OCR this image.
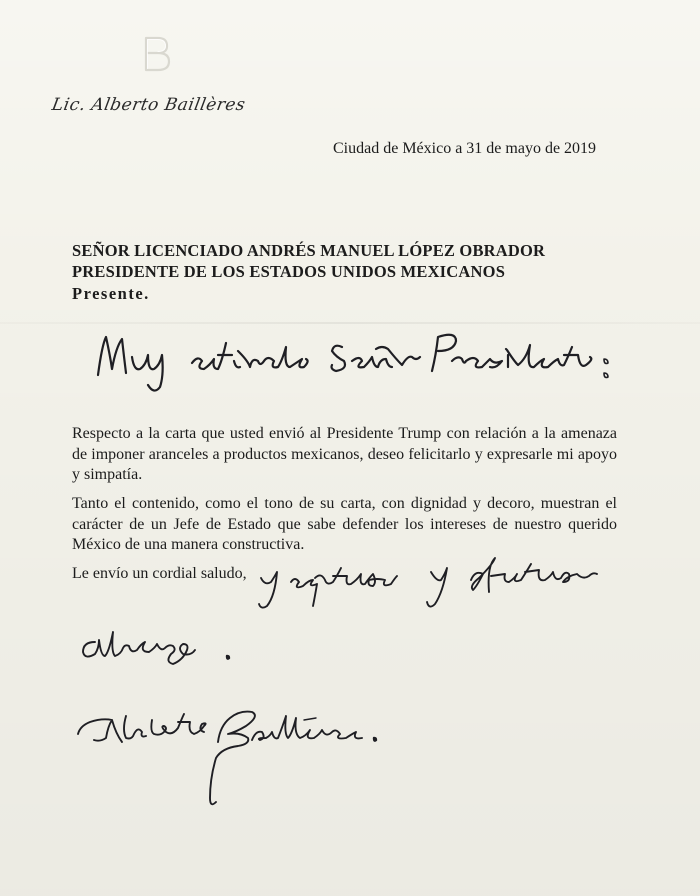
Lic. Alberto Baillères
Ciudad de México a 31 de mayo de 2019
SEÑOR LICENCIADO ANDRÉS MANUEL LÓPEZ OBRADOR
PRESIDENTE DE LOS ESTADOS UNIDOS MEXICANOS
Presente.
Respecto a la carta que usted envió al Presidente Trump con relación a la amenaza de imponer aranceles a productos mexicanos, deseo felicitarlo y expresarle mi apoyo y simpatía.
Tanto el contenido, como el tono de su carta, con dignidad y decoro, muestran el carácter de un Jefe de Estado que sabe defender los intereses de nuestro querido México de una manera constructiva.
Le envío un cordial saludo,
